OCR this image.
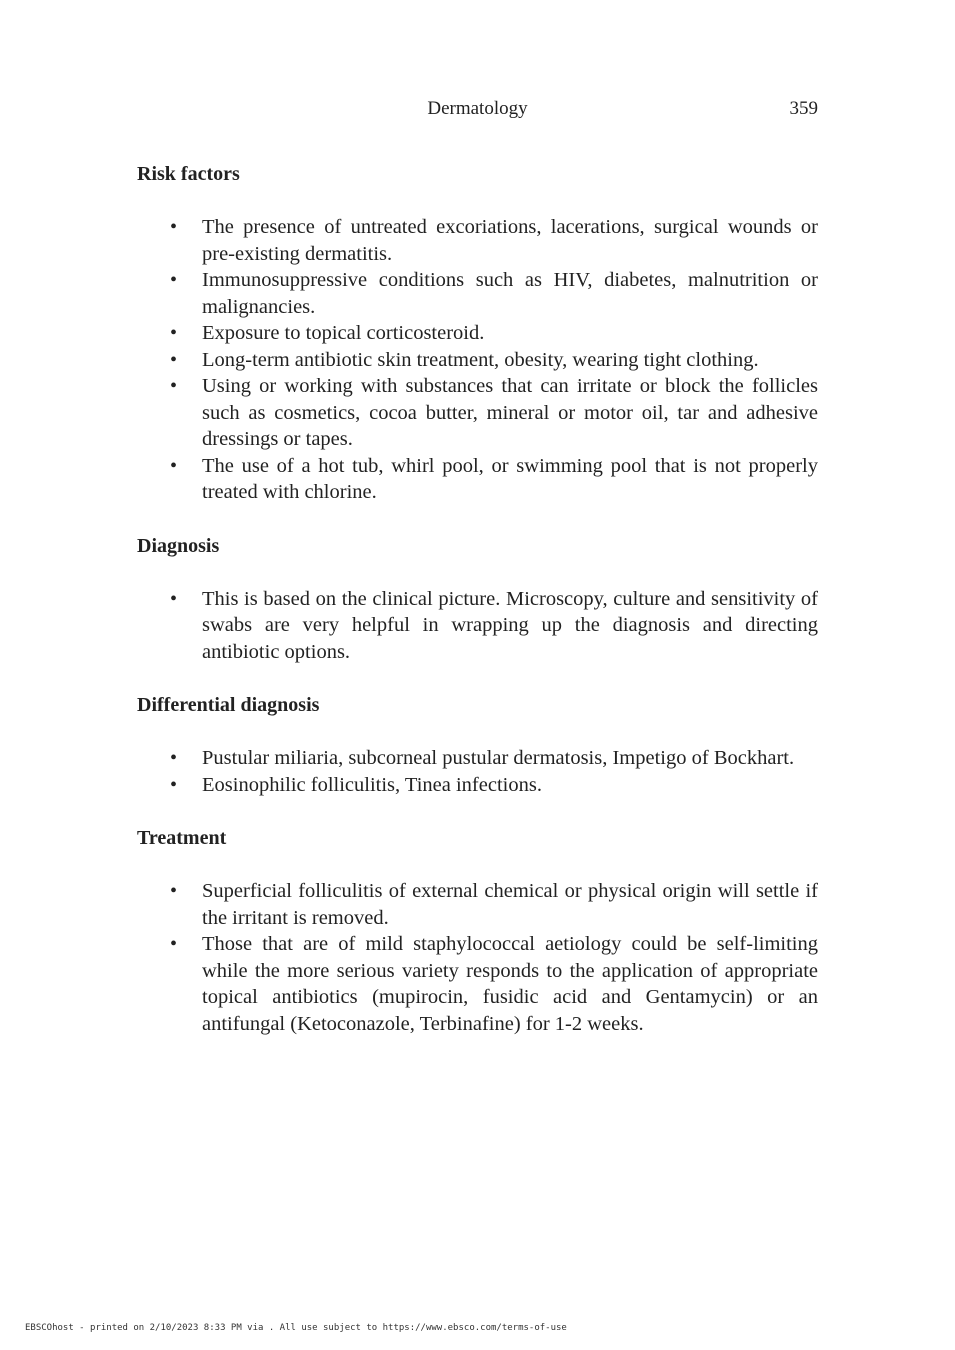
Dermatology	359
Risk factors
• The presence of untreated excoriations, lacerations, surgical wounds or pre-existing dermatitis.
• Immunosuppressive conditions such as HIV, diabetes, malnutrition or malignancies.
• Exposure to topical corticosteroid.
• Long-term antibiotic skin treatment, obesity, wearing tight clothing.
• Using or working with substances that can irritate or block the follicles such as cosmetics, cocoa butter, mineral or motor oil, tar and adhesive dressings or tapes.
• The use of a hot tub, whirl pool, or swimming pool that is not properly treated with chlorine.
Diagnosis
• This is based on the clinical picture. Microscopy, culture and sensitivity of swabs are very helpful in wrapping up the diagnosis and directing antibiotic options.
Differential diagnosis
• Pustular miliaria, subcorneal pustular dermatosis, Impetigo of Bockhart.
• Eosinophilic folliculitis, Tinea infections.
Treatment
• Superficial folliculitis of external chemical or physical origin will settle if the irritant is removed.
• Those that are of mild staphylococcal aetiology could be self-limiting while the more serious variety responds to the application of appropriate topical antibiotics (mupirocin, fusidic acid and Gentamycin) or an antifungal (Ketoconazole, Terbinafine) for 1-2 weeks.
EBSCOhost - printed on 2/10/2023 8:33 PM via . All use subject to https://www.ebsco.com/terms-of-use
